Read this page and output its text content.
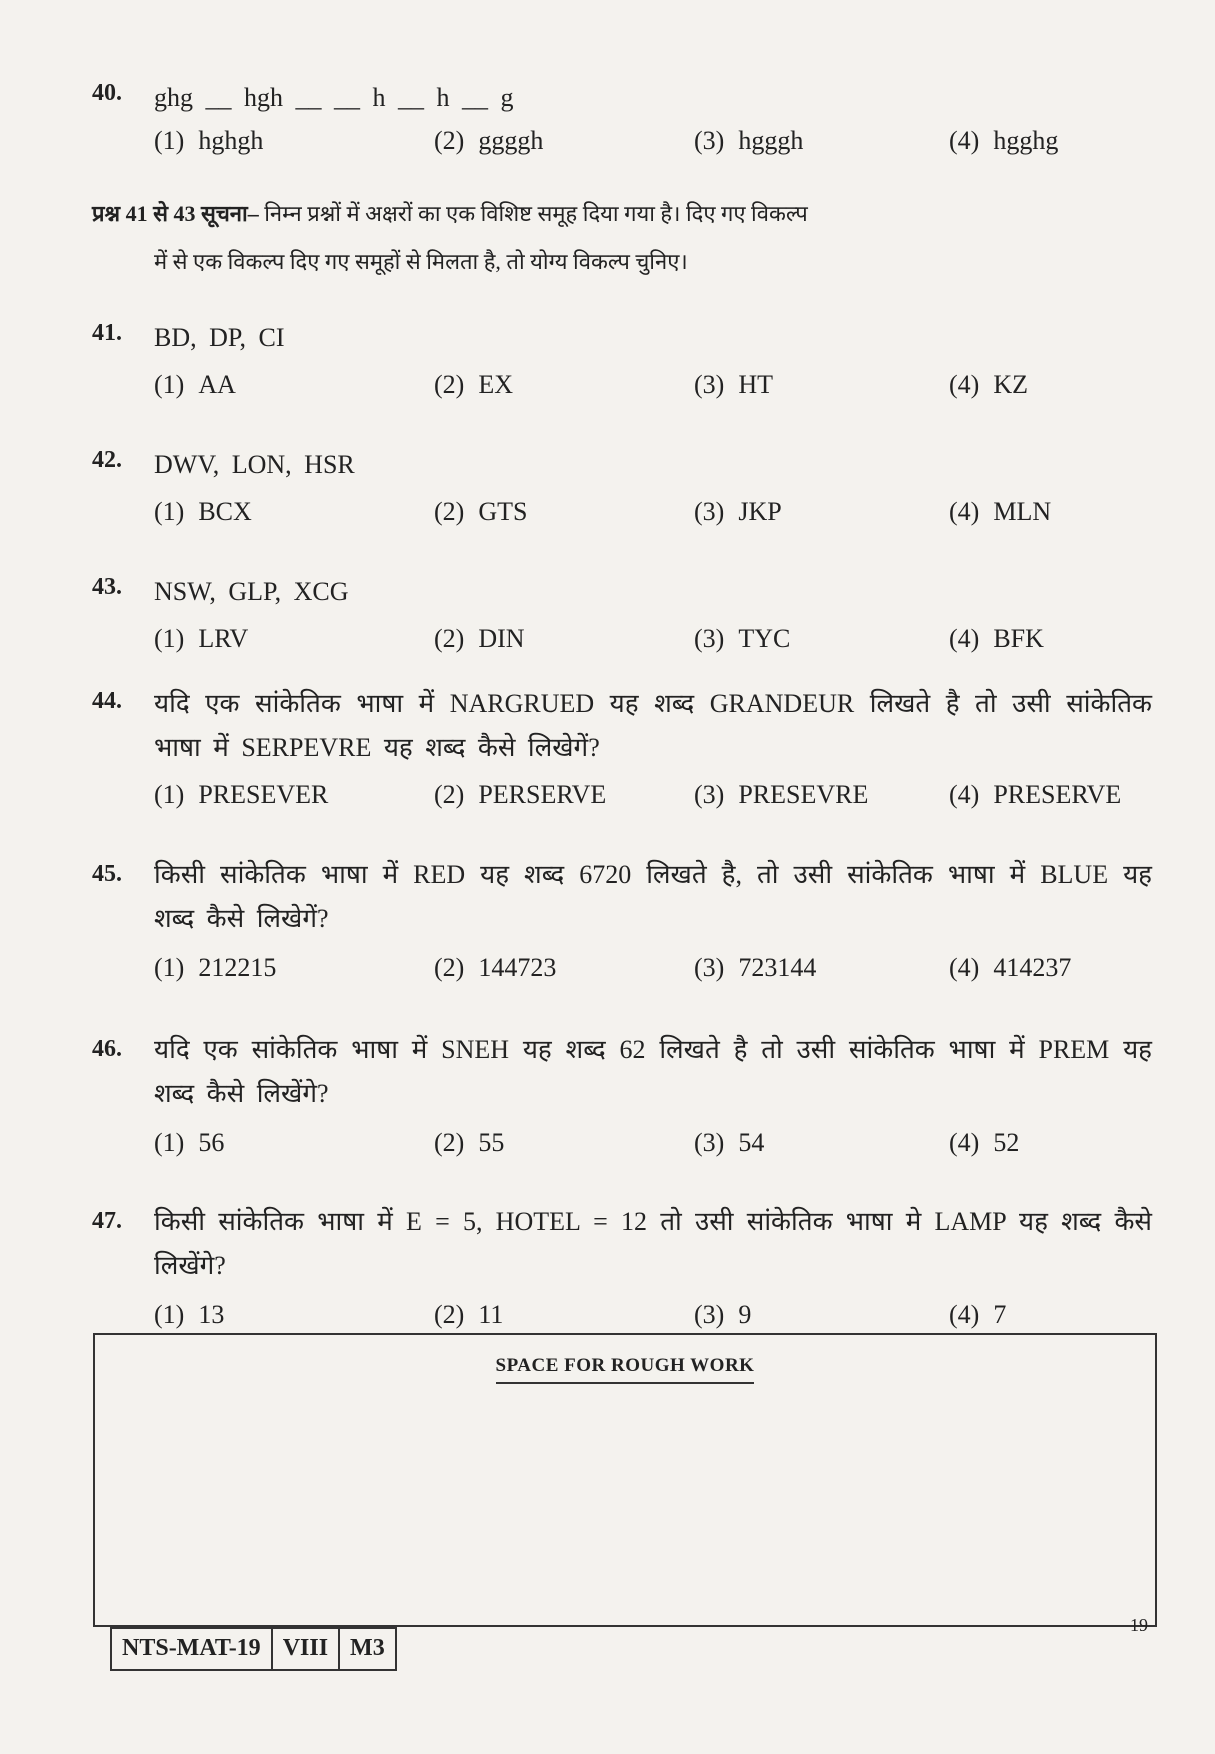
40. ghg __ hgh __ __ h __ h __ g
(1) hghgh	(2) ggggh	(3) hgggh	(4) hgghg
प्रश्न 41 से 43 सूचना– निम्न प्रश्नों में अक्षरों का एक विशिष्ट समूह दिया गया है। दिए गए विकल्प
में से एक विकल्प दिए गए समूहों से मिलता है, तो योग्य विकल्प चुनिए।
41. BD, DP, CI
(1) AA	(2) EX	(3) HT	(4) KZ
42. DWV, LON, HSR
(1) BCX	(2) GTS	(3) JKP	(4) MLN
43. NSW, GLP, XCG
(1) LRV	(2) DIN	(3) TYC	(4) BFK
44. यदि एक सांकेतिक भाषा में NARGRUED यह शब्द GRANDEUR लिखते है तो उसी सांकेतिक भाषा में SERPEVRE यह शब्द कैसे लिखेगें?
(1) PRESEVER	(2) PERSERVE	(3) PRESEVRE	(4) PRESERVE
45. किसी सांकेतिक भाषा में RED यह शब्द 6720 लिखते है, तो उसी सांकेतिक भाषा में BLUE यह शब्द कैसे लिखेगें?
(1) 212215	(2) 144723	(3) 723144	(4) 414237
46. यदि एक सांकेतिक भाषा में SNEH यह शब्द 62 लिखते है तो उसी सांकेतिक भाषा में PREM यह शब्द कैसे लिखेंगे?
(1) 56	(2) 55	(3) 54	(4) 52
47. किसी सांकेतिक भाषा में E = 5, HOTEL = 12 तो उसी सांकेतिक भाषा मे LAMP यह शब्द कैसे लिखेंगे?
(1) 13	(2) 11	(3) 9	(4) 7
SPACE FOR ROUGH WORK
NTS-MAT-19 VIII M3
19
